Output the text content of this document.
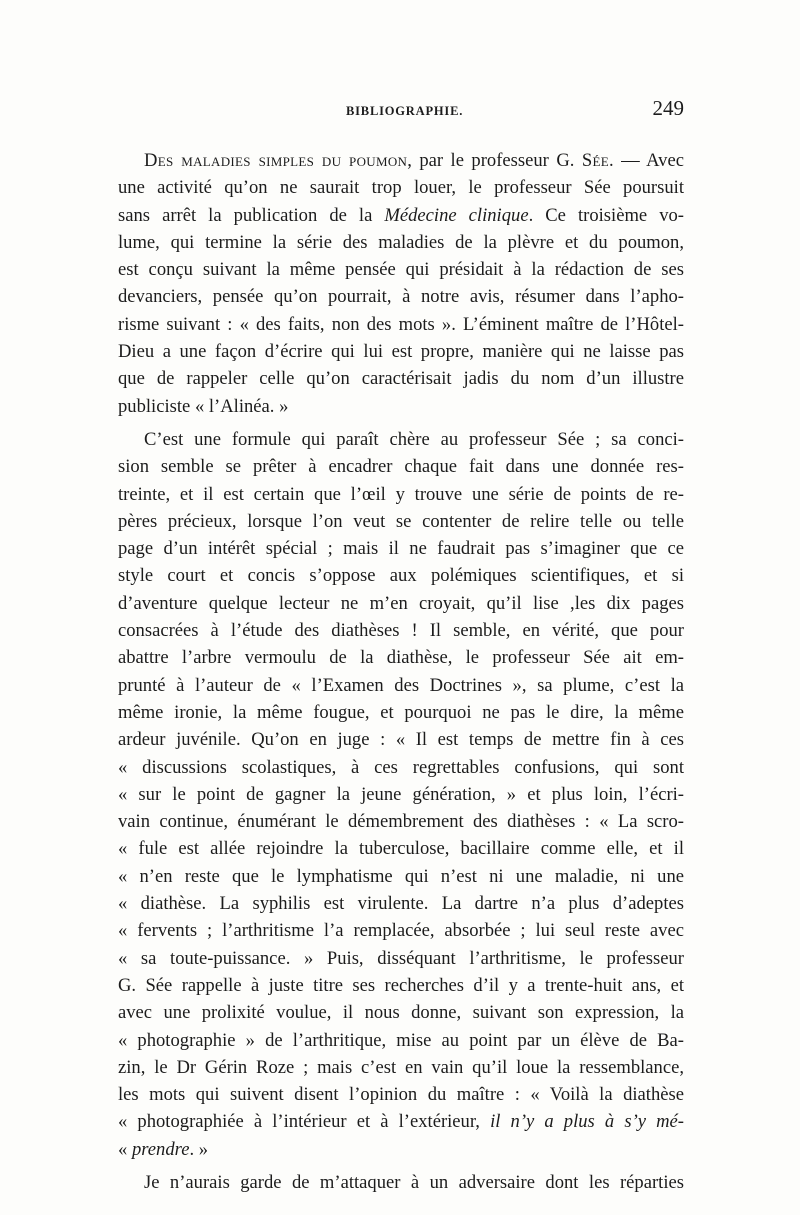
BIBLIOGRAPHIE.	249
Des maladies simples du poumon, par le professeur G. Sée. — Avec
une activité qu’on ne saurait trop louer, le professeur Sée poursuit
sans arrêt la publication de la Médecine clinique. Ce troisième vo-
lume, qui termine la série des maladies de la plèvre et du poumon,
est conçu suivant la même pensée qui présidait à la rédaction de ses
devanciers, pensée qu’on pourrait, à notre avis, résumer dans l’apho-
risme suivant : « des faits, non des mots ». L’éminent maître de l’Hôtel-
Dieu a une façon d’écrire qui lui est propre, manière qui ne laisse pas
que de rappeler celle qu’on caractérisait jadis du nom d’un illustre
publiciste « l’Alinéa. »
C’est une formule qui paraît chère au professeur Sée ; sa conci-
sion semble se prêter à encadrer chaque fait dans une donnée res-
treinte, et il est certain que l’œil y trouve une série de points de re-
pères précieux, lorsque l’on veut se contenter de relire telle ou telle
page d’un intérêt spécial ; mais il ne faudrait pas s’imaginer que ce
style court et concis s’oppose aux polémiques scientifiques, et si
d’aventure quelque lecteur ne m’en croyait, qu’il lise ,les dix pages
consacrées à l’étude des diathèses ! Il semble, en vérité, que pour
abattre l’arbre vermoulu de la diathèse, le professeur Sée ait em-
prunté à l’auteur de « l’Examen des Doctrines », sa plume, c’est la
même ironie, la même fougue, et pourquoi ne pas le dire, la même
ardeur juvénile. Qu’on en juge : « Il est temps de mettre fin à ces
« discussions scolastiques, à ces regrettables confusions, qui sont
« sur le point de gagner la jeune génération, » et plus loin, l’écri-
vain continue, énumérant le démembrement des diathèses : « La scro-
« fule est allée rejoindre la tuberculose, bacillaire comme elle, et il
« n’en reste que le lymphatisme qui n’est ni une maladie, ni une
« diathèse. La syphilis est virulente. La dartre n’a plus d’adeptes
« fervents ; l’arthritisme l’a remplacée, absorbée ; lui seul reste avec
« sa toute-puissance. » Puis, disséquant l’arthritisme, le professeur
G. Sée rappelle à juste titre ses recherches d’il y a trente-huit ans, et
avec une prolixité voulue, il nous donne, suivant son expression, la
« photographie » de l’arthritique, mise au point par un élève de Ba-
zin, le Dr Gérin Roze ; mais c’est en vain qu’il loue la ressemblance,
les mots qui suivent disent l’opinion du maître : « Voilà la diathèse
« photographiée à l’intérieur et à l’extérieur, il n’y a plus à s’y mé-
« prendre. »
Je n’aurais garde de m’attaquer à un adversaire dont les réparties
